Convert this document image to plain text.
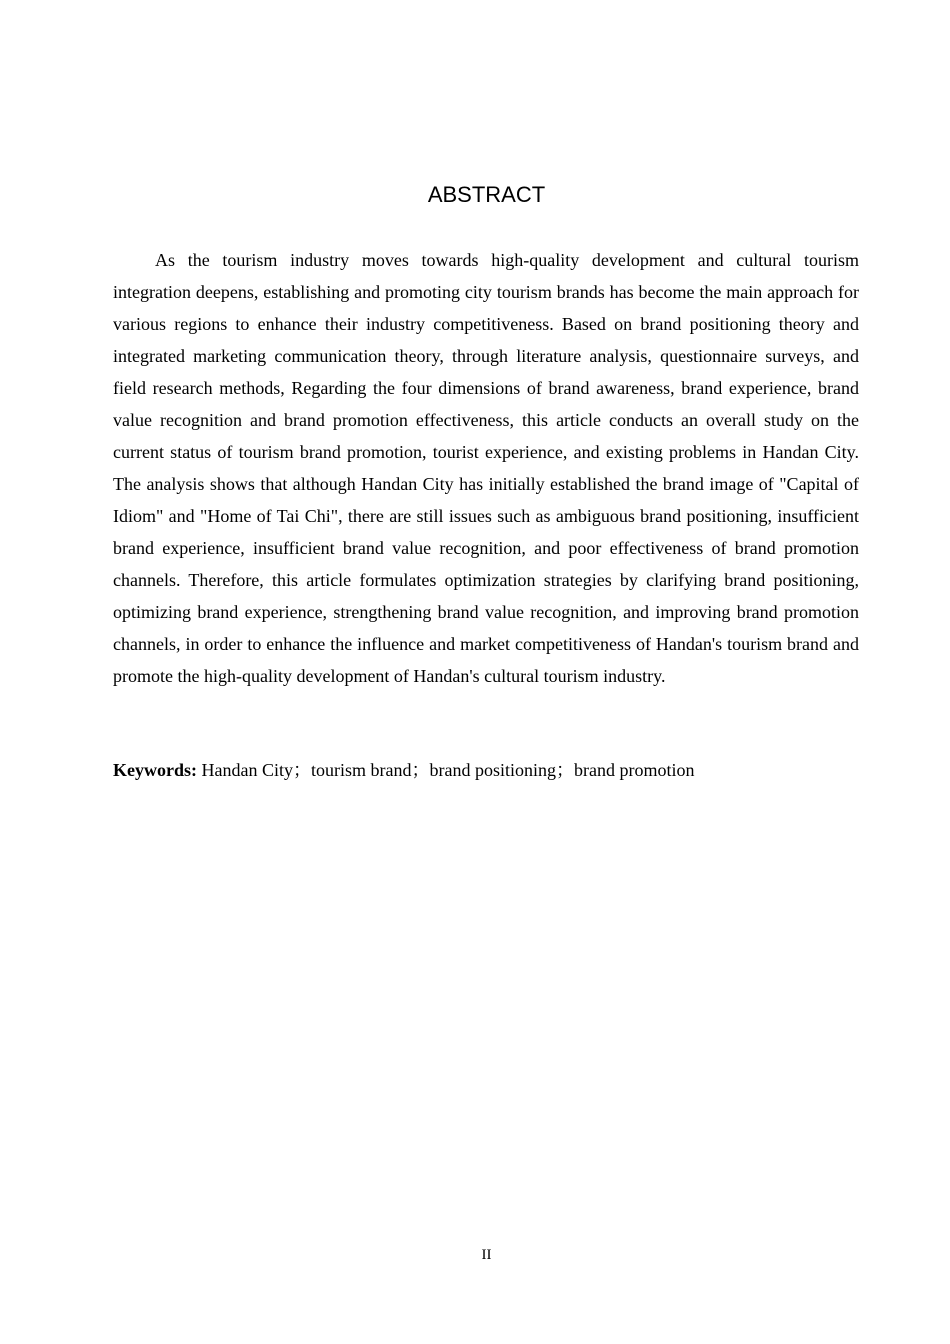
ABSTRACT

As the tourism industry moves towards high-quality development and cultural tourism integration deepens, establishing and promoting city tourism brands has become the main approach for various regions to enhance their industry competitiveness. Based on brand positioning theory and integrated marketing communication theory, through literature analysis, questionnaire surveys, and field research methods, Regarding the four dimensions of brand awareness, brand experience, brand value recognition and brand promotion effectiveness, this article conducts an overall study on the current status of tourism brand promotion, tourist experience, and existing problems in Handan City. The analysis shows that although Handan City has initially established the brand image of "Capital of Idiom" and "Home of Tai Chi", there are still issues such as ambiguous brand positioning, insufficient brand experience, insufficient brand value recognition, and poor effectiveness of brand promotion channels. Therefore, this article formulates optimization strategies by clarifying brand positioning, optimizing brand experience, strengthening brand value recognition, and improving brand promotion channels, in order to enhance the influence and market competitiveness of Handan's tourism brand and promote the high-quality development of Handan's cultural tourism industry.

Keywords: Handan City；tourism brand；brand positioning；brand promotion

II
